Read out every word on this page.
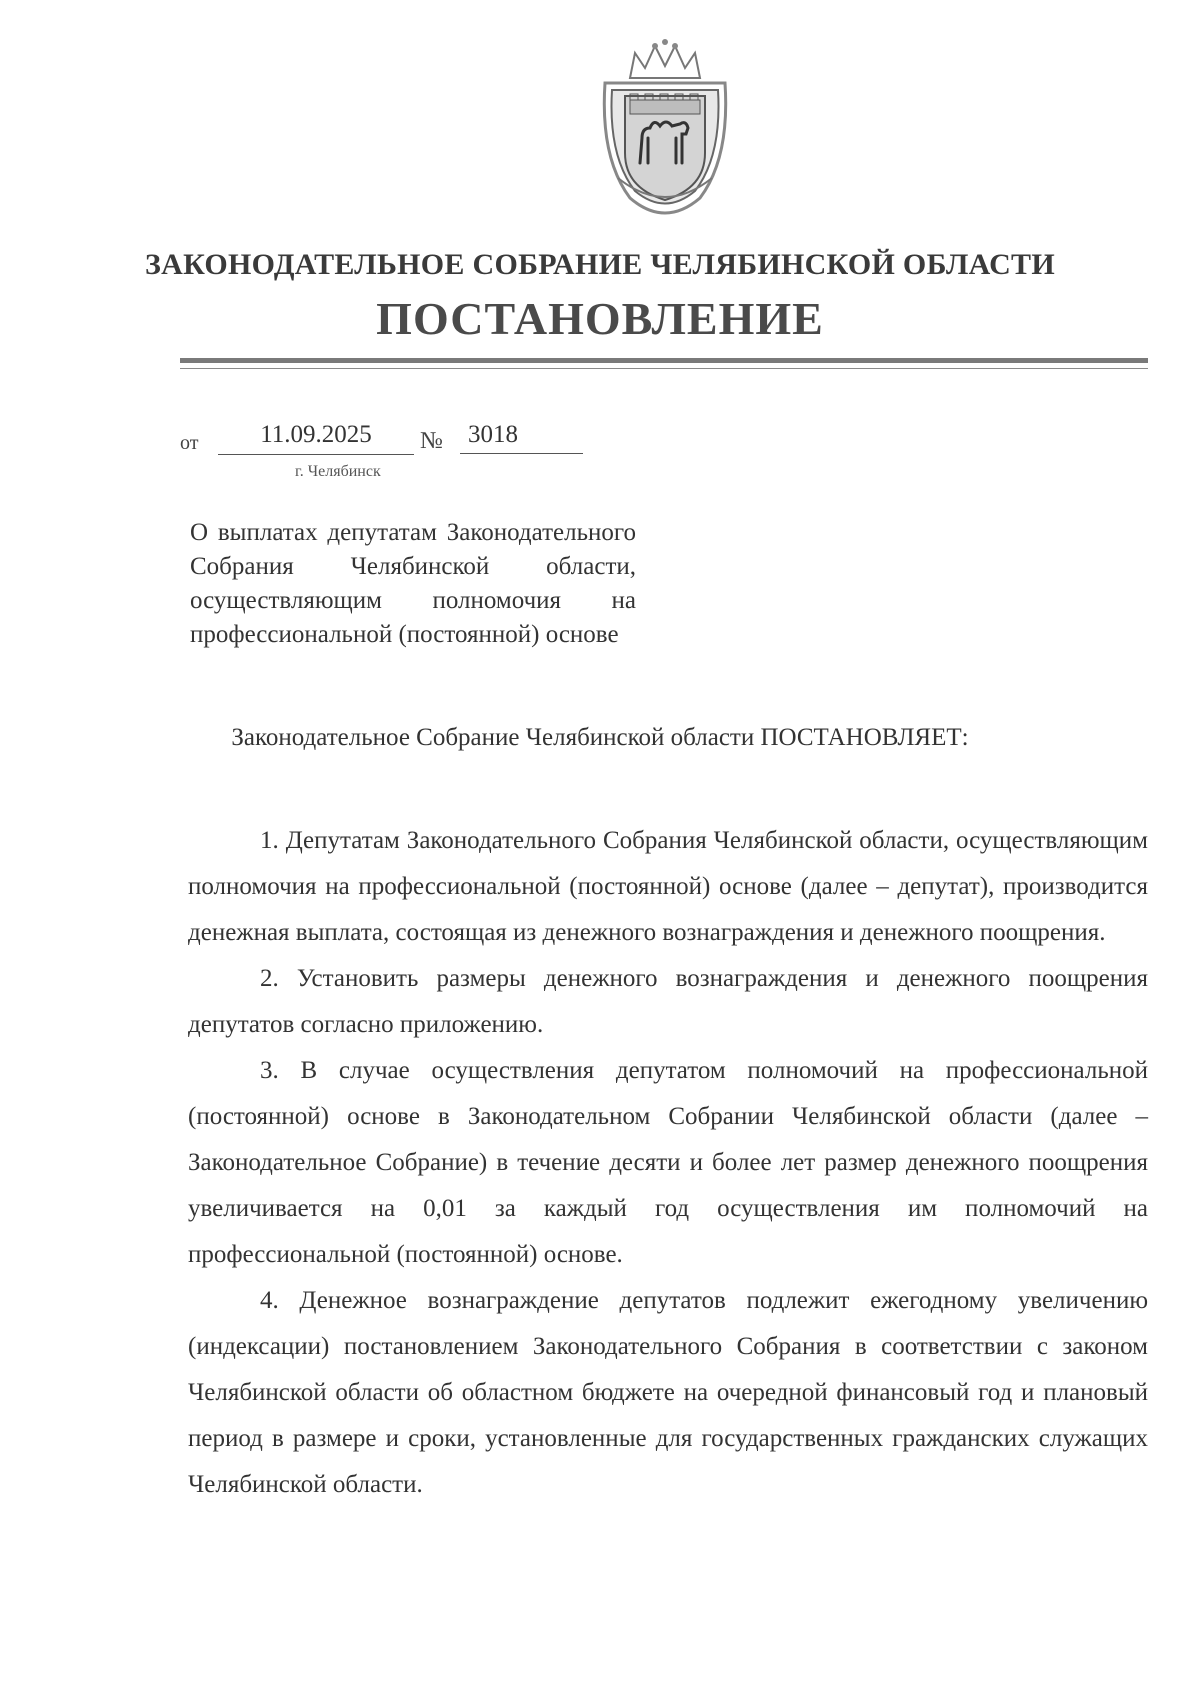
ЗАКОНОДАТЕЛЬНОЕ СОБРАНИЕ ЧЕЛЯБИНСКОЙ ОБЛАСТИ
ПОСТАНОВЛЕНИЕ
от	11.09.2025	№	3018
г. Челябинск
О выплатах депутатам Законодательного Собрания Челябинской области, осуществляющим полномочия на профессиональной (постоянной) основе
Законодательное Собрание Челябинской области ПОСТАНОВЛЯЕТ:

1. Депутатам Законодательного Собрания Челябинской области, осуществляющим полномочия на профессиональной (постоянной) основе (далее – депутат), производится денежная выплата, состоящая из денежного вознаграждения и денежного поощрения.

2. Установить размеры денежного вознаграждения и денежного поощрения депутатов согласно приложению.

3. В случае осуществления депутатом полномочий на профессиональной (постоянной) основе в Законодательном Собрании Челябинской области (далее – Законодательное Собрание) в течение десяти и более лет размер денежного поощрения увеличивается на 0,01 за каждый год осуществления им полномочий на профессиональной (постоянной) основе.

4. Денежное вознаграждение депутатов подлежит ежегодному увеличению (индексации) постановлением Законодательного Собрания в соответствии с законом Челябинской области об областном бюджете на очередной финансовый год и плановый период в размере и сроки, установленные для государственных гражданских служащих Челябинской области.
